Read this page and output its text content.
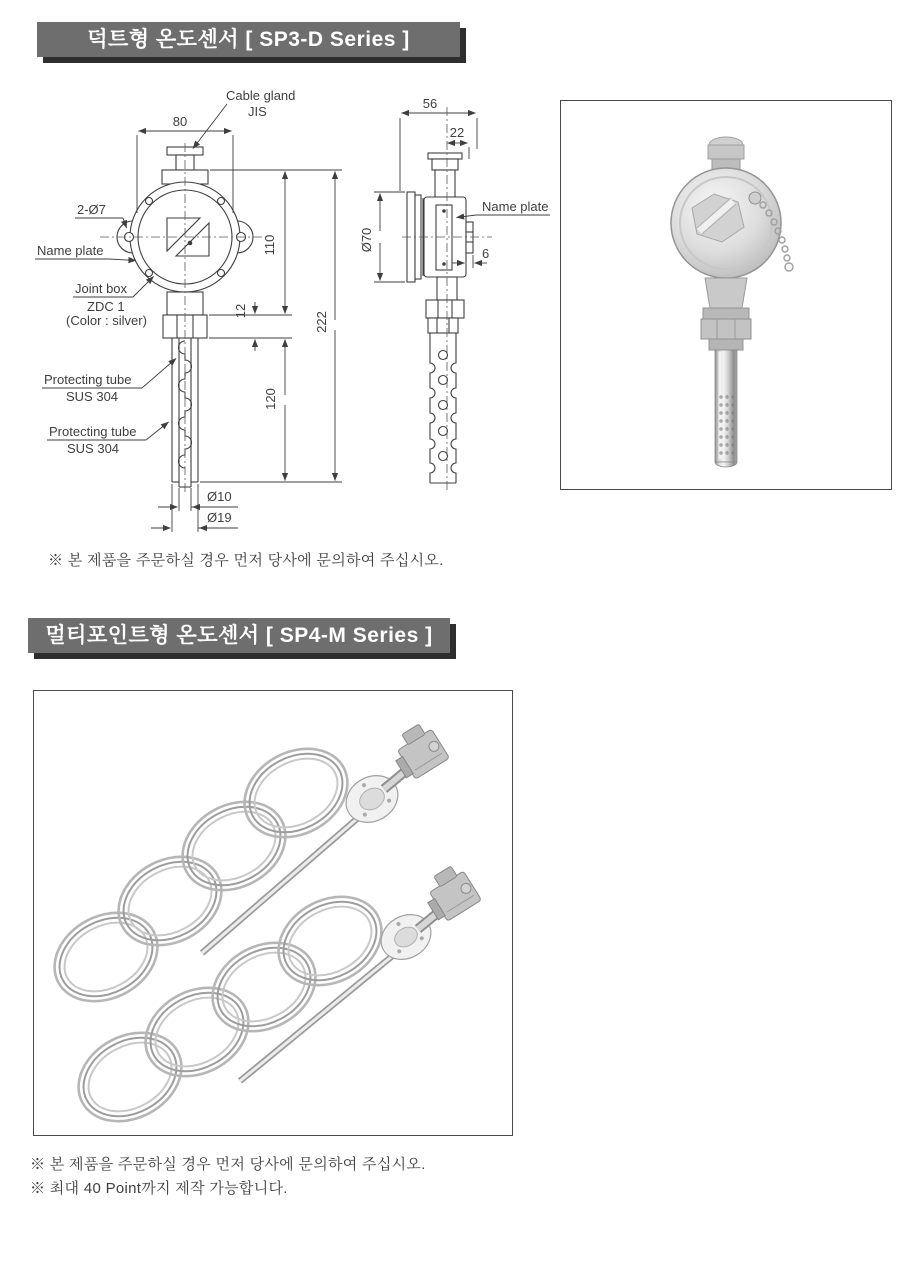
덕트형 온도센서 [ SP3-D Series ]
80
110
12
222
120
Ø10
Ø19
Cable gland
JIS
2-Ø7
Name plate
Joint box
ZDC 1
(Color : silver)
Protecting tube
SUS 304
Protecting tube
SUS 304
56
22
Ø70
6
Name plate
※ 본 제품을 주문하실 경우 먼저 당사에 문의하여 주십시오.
멀티포인트형 온도센서 [ SP4-M Series ]
※ 본 제품을 주문하실 경우 먼저 당사에 문의하여 주십시오.
※ 최대 40 Point까지 제작 가능합니다.
